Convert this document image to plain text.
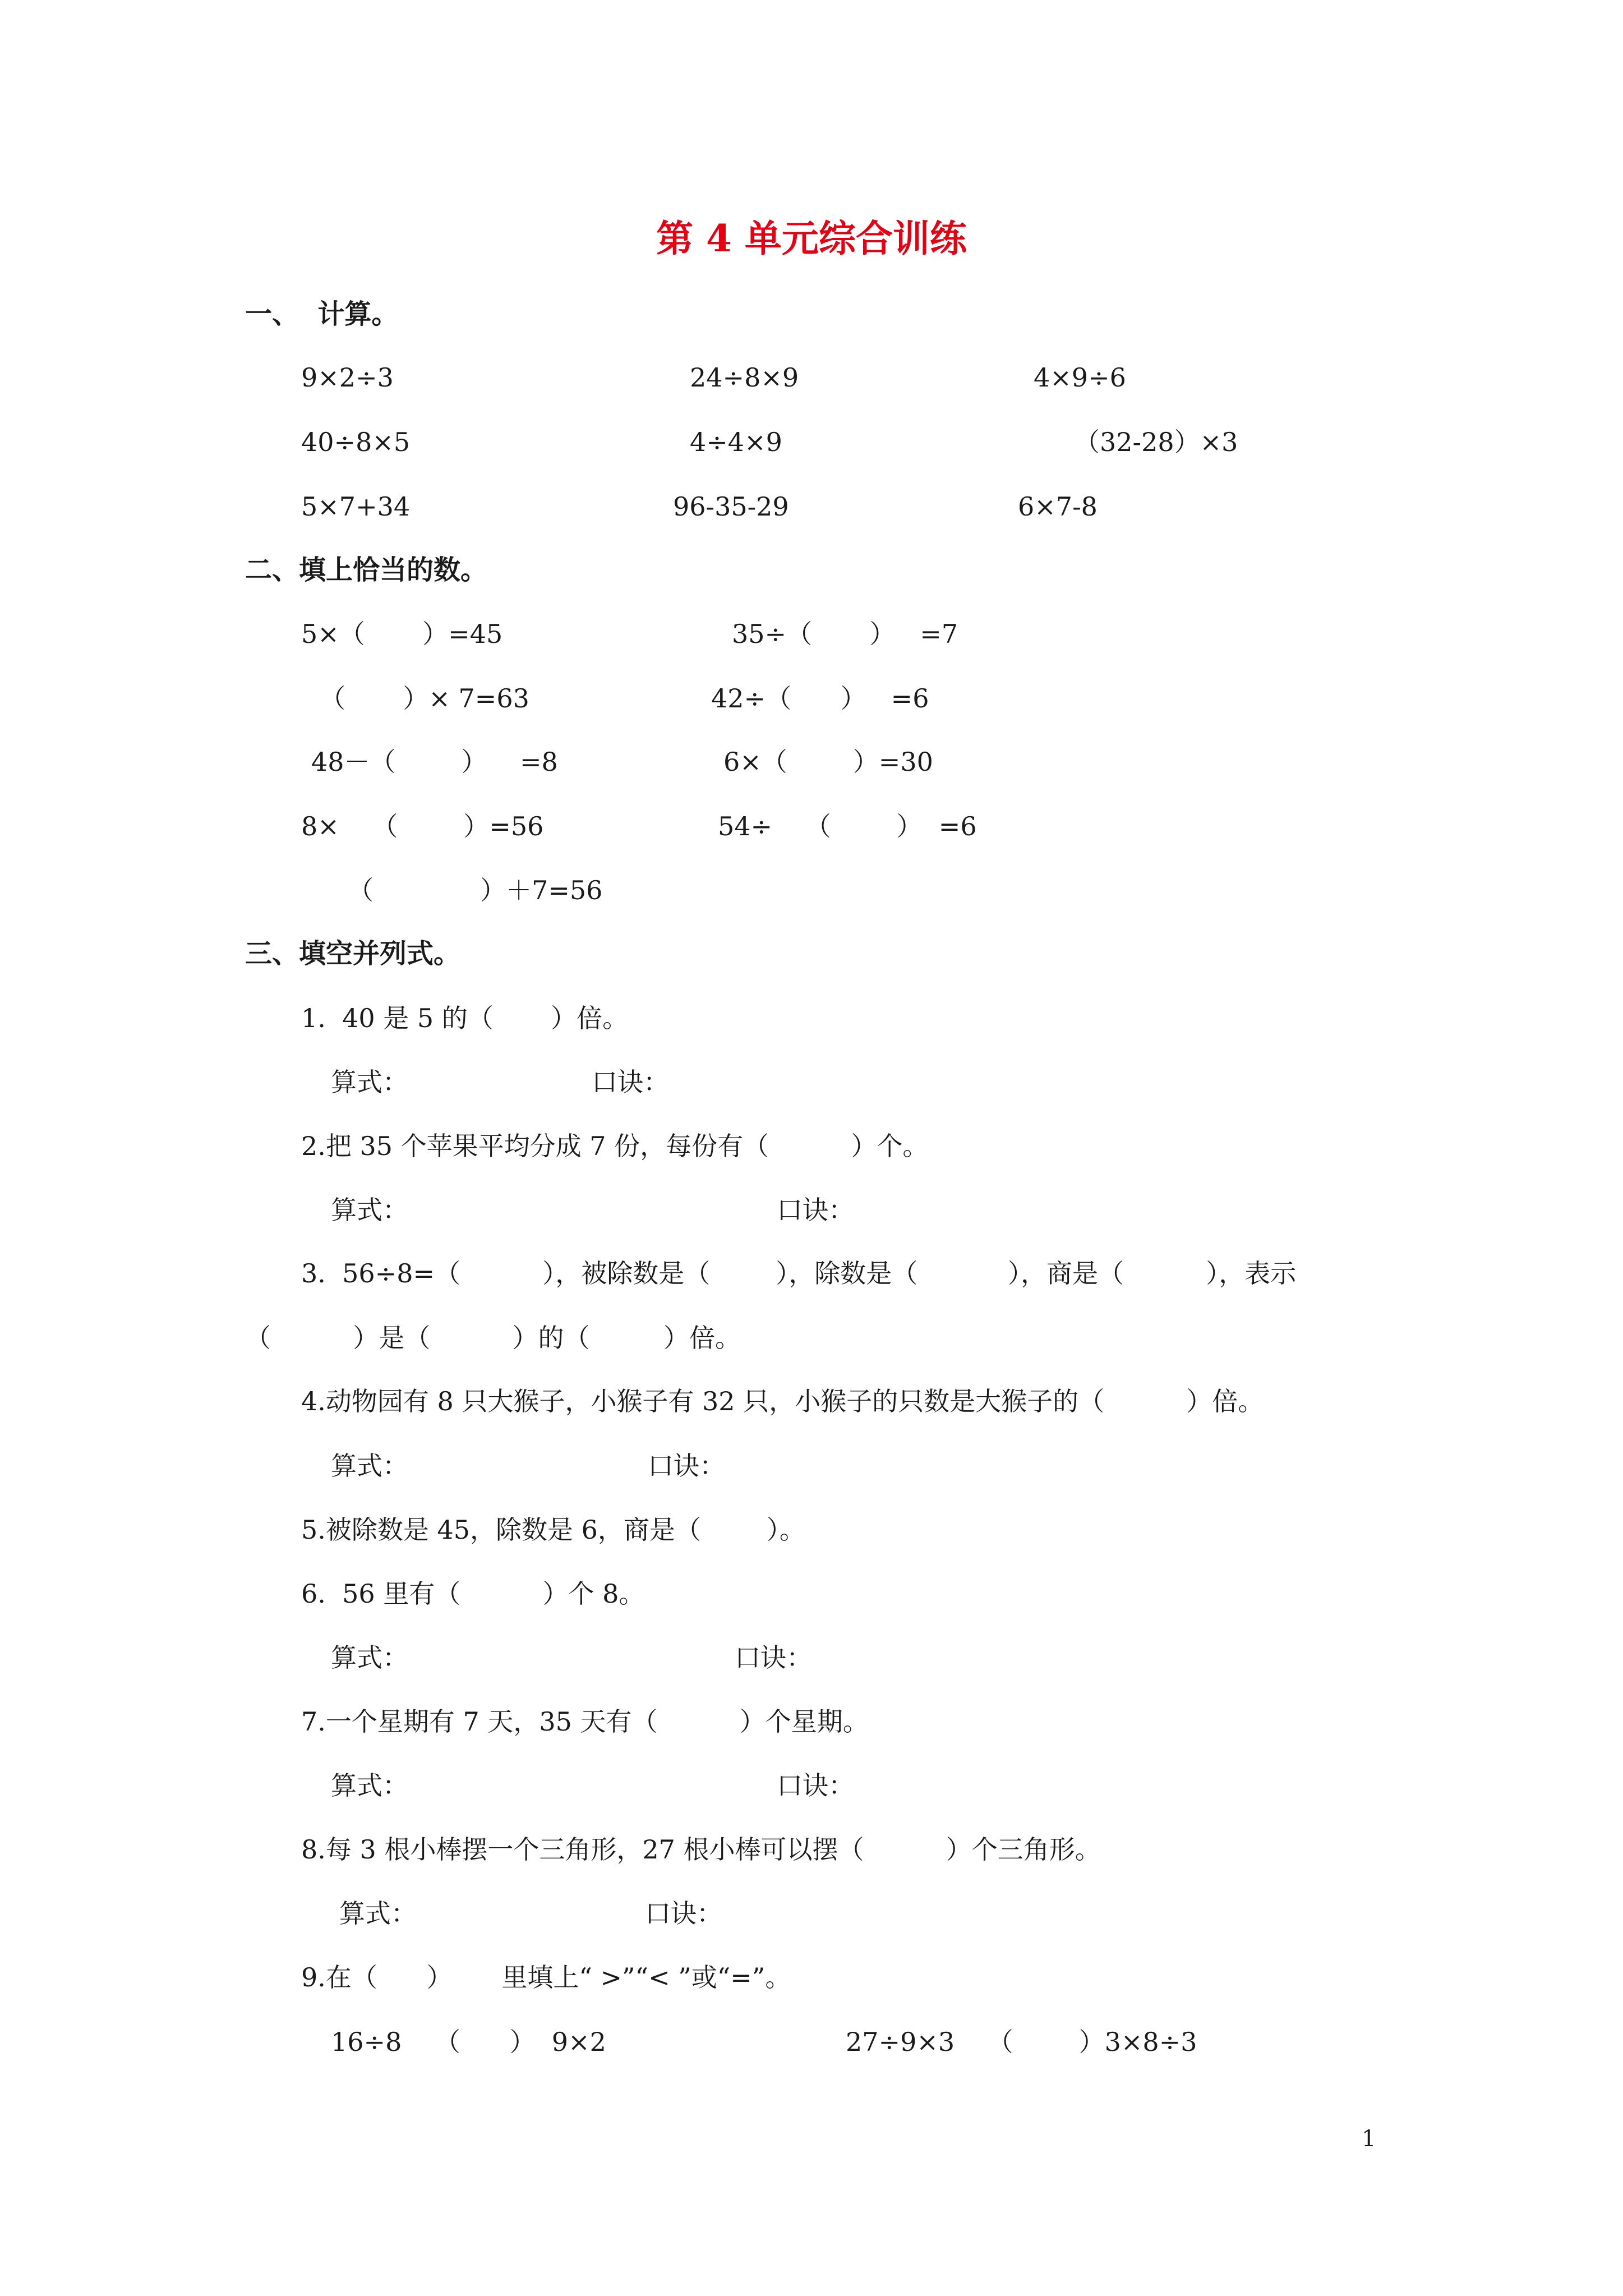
第 4 单元综合训练
一、  计算。
9×2÷3	24÷8×9	4×9÷6
40÷8×5	4÷4×9	（32-28）×3
5×7+34	96-35-29	6×7-8
二、填上恰当的数。
5×（       ）=45	35÷（       ）   =7
（       ）× 7=63	42÷（      ）   =6
48－（        ）    =8	6×（        ）=30
8×    （        ）=56	54÷    （        ）  =6
（             ）＋7=56
三、填空并列式。
1.  40 是 5 的（       ）倍。
算式：	口诀：
2.把 35 个苹果平均分成 7 份，每份有（          ）个。
算式：	口诀：
3.  56÷8=（          ），被除数是（        ），除数是（           ），商是（          ），表示
（          ）是（          ）的（         ）倍。
4.动物园有 8 只大猴子，小猴子有 32 只，小猴子的只数是大猴子的（          ）倍。
算式：	口诀：
5.被除数是 45，除数是 6，商是（        ）。
6.  56 里有（          ）个 8。
算式：	口诀：
7.一个星期有 7 天，35 天有（          ）个星期。
算式：	口诀：
8.每 3 根小棒摆一个三角形，27 根小棒可以摆（          ）个三角形。
算式：	口诀：
9.在（      ）      里填上“ >”“< ”或“=”。
16÷8    （      ）  9×2	27÷9×3    （        ）3×8÷3
1
